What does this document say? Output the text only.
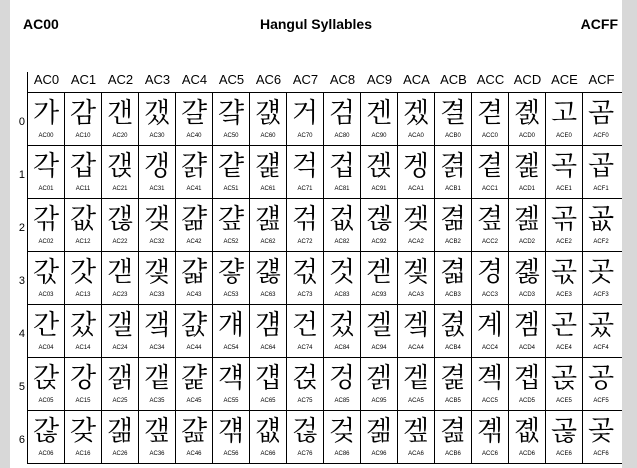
AC00	Hangul Syllables	ACFF
AC0 AC1 AC2 AC3 AC4 AC5 AC6 AC7 AC8 AC9 ACA ACB ACC ACD ACE ACF
0 가
AC00
감
AC10
갠
AC20
갰
AC30
걀
AC40
걐
AC50
걠
AC60
거
AC70
검
AC80
겐
AC90
겠
ACA0
결
ACB0
겯
ACC0
곐
ACD0
고
ACE0
곰
ACF0
1 각
AC01
갑
AC11
갡
AC21
갱
AC31
걁
AC41
걑
AC51
걡
AC61
걱
AC71
겁
AC81
겑
AC91
겡
ACA1
겱
ACB1
곁
ACC1
곑
ACD1
곡
ACE1
곱
ACF1
2 갂
AC02
값
AC12
갢
AC22
갲
AC32
걂
AC42
걒
AC52
걢
AC62
걲
AC72
겂
AC82
겒
AC92
겢
ACA2
겲
ACB2
곂
ACC2
곒
ACD2
곢
ACE2
곲
ACF2
3 갃
AC03
갓
AC13
갣
AC23
갳
AC33
걃
AC43
걓
AC53
걣
AC63
걳
AC73
것
AC83
겓
AC93
겣
ACA3
겳
ACB3
경
ACC3
곓
ACD3
곣
ACE3
곳
ACF3
4 간
AC04
갔
AC14
갤
AC24
갴
AC34
걄
AC44
걔
AC54
걤
AC64
건
AC74
겄
AC84
겔
AC94
겤
ACA4
겴
ACB4
계
ACC4
곔
ACD4
곤
ACE4
곴
ACF4
5 갅
AC05
강
AC15
갥
AC25
갵
AC35
걅
AC45
걕
AC55
걥
AC65
걵
AC75
겅
AC85
겕
AC95
겥
ACA5
겵
ACB5
곅
ACC5
곕
ACD5
곥
ACE5
공
ACF5
6 갆
AC06
갖
AC16
갦
AC26
갶
AC36
걆
AC46
걖
AC56
걦
AC66
걶
AC76
겆
AC86
겖
AC96
겦
ACA6
겶
ACB6
곆
ACC6
곖
ACD6
곦
ACE6
곶
ACF6
